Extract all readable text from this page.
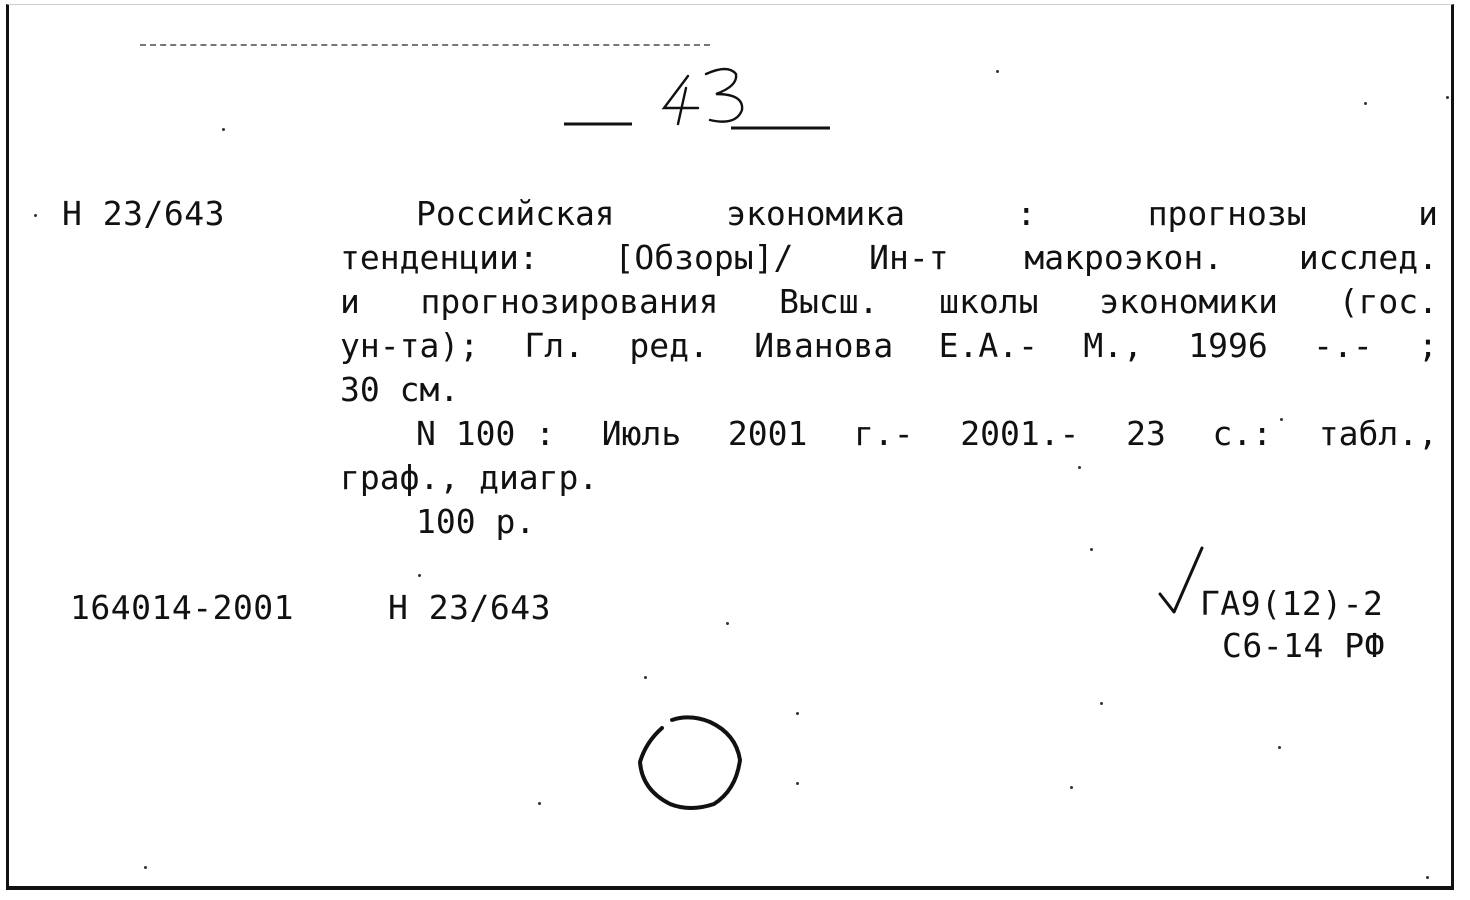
Н 23/643	Российская	экономика	:	прогнозы	и
тенденции: [Обзоры]/ Ин-т макроэкон. исслед.
и прогнозирования Высш. школы экономики (гос.
ун-та); Гл. ред. Иванова Е.А.- М., 1996 -.- ;
30 см.
N 100 : Июль 2001 г.- 2001.- 23 с.: табл.,
граф., диагр.
100 р.
164014-2001	Н 23/643	ГА9(12)-2
С6-14 РФ
